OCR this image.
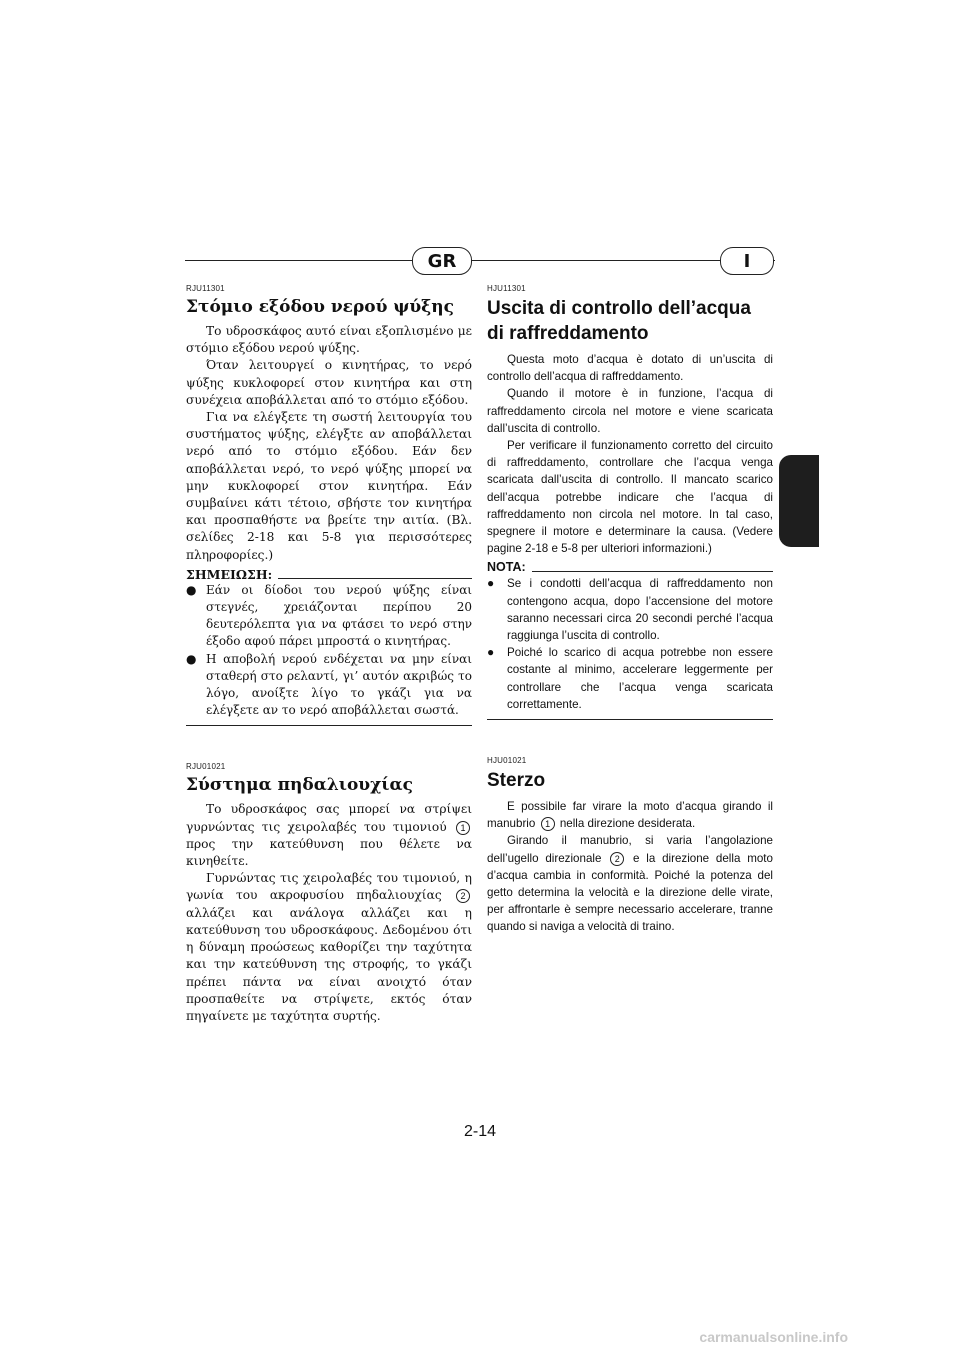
GR	I
RJU11301
Στόμιο εξόδου νερού ψύξης

Το υδροσκάφος αυτό είναι εξοπλισμένο με στόμιο εξόδου νερού ψύξης.

Όταν λειτουργεί ο κινητήρας, το νερό ψύξης κυκλοφορεί στον κινητήρα και στη συνέχεια αποβάλλεται από το στόμιο εξόδου.

Για να ελέγξετε τη σωστή λειτουργία του συστήματος ψύξης, ελέγξτε αν αποβάλλεται νερό από το στόμιο εξόδου. Εάν δεν αποβάλλεται νερό, το νερό ψύξης μπορεί να μην κυκλοφορεί στον κινητήρα. Εάν συμβαίνει κάτι τέτοιο, σβήστε τον κινητήρα και προσπαθήστε να βρείτε την αιτία. (Βλ. σελίδες 2-18 και 5-8 για περισσότερες πληροφορίες.)

ΣΗΜΕΙΩΣΗ:
● Εάν οι δίοδοι του νερού ψύξης είναι στεγνές, χρειάζονται περίπου 20 δευτερόλεπτα για να φτάσει το νερό στην έξοδο αφού πάρει μπροστά ο κινητήρας.
● Η αποβολή νερού ενδέχεται να μην είναι σταθερή στο ρελαντί, γι’ αυτόν ακριβώς το λόγο, ανοίξτε λίγο το γκάζι για να ελέγξετε αν το νερό αποβάλλεται σωστά.
RJU01021
Σύστημα πηδαλιουχίας

Το υδροσκάφος σας μπορεί να στρίψει γυρνώντας τις χειρολαβές του τιμονιού 1 προς την κατεύθυνση που θέλετε να κινηθείτε.

Γυρνώντας τις χειρολαβές του τιμονιού, η γωνία του ακροφυσίου πηδαλιουχίας 2 αλλάζει και ανάλογα αλλάζει και η κατεύθυνση του υδροσκάφους. Δεδομένου ότι η δύναμη προώσεως καθορίζει την ταχύτητα και την κατεύθυνση της στροφής, το γκάζι πρέπει πάντα να είναι ανοιχτό όταν προσπαθείτε να στρίψετε, εκτός όταν πηγαίνετε με ταχύτητα συρτής.

HJU11301
Uscita di controllo dell’acqua di raffreddamento

Questa moto d’acqua è dotato di un’uscita di controllo dell’acqua di raffreddamento.

Quando il motore è in funzione, l’acqua di raffreddamento circola nel motore e viene scaricata dall’uscita di controllo.

Per verificare il funzionamento corretto del circuito di raffreddamento, controllare che l’acqua venga scaricata dall’uscita di controllo. Il mancato scarico dell’acqua potrebbe indicare che l’acqua di raffreddamento non circola nel motore. In tal caso, spegnere il motore e determinare la causa. (Vedere pagine 2-18 e 5-8 per ulteriori informazioni.)

NOTA:
●	Se i condotti dell’acqua di raffreddamento non contengono acqua, dopo l’accensione del motore saranno necessari circa 20 secondi perché l’acqua raggiunga l’uscita di controllo.
●	Poiché lo scarico di acqua potrebbe non essere costante al minimo, accelerare leggermente per controllare che l’acqua venga scaricata correttamente.
HJU01021
Sterzo

E possibile far virare la moto d’acqua girando il manubrio 1 nella direzione desiderata.

Girando il manubrio, si varia l’angolazione dell’ugello direzionale 2 e la direzione della moto d’acqua cambia in conformità. Poiché la potenza del getto determina la velocità e la direzione delle virate, per affrontarle è sempre necessario accelerare, tranne quando si naviga a velocità di traino.

2-14
carmanualsonline.info
